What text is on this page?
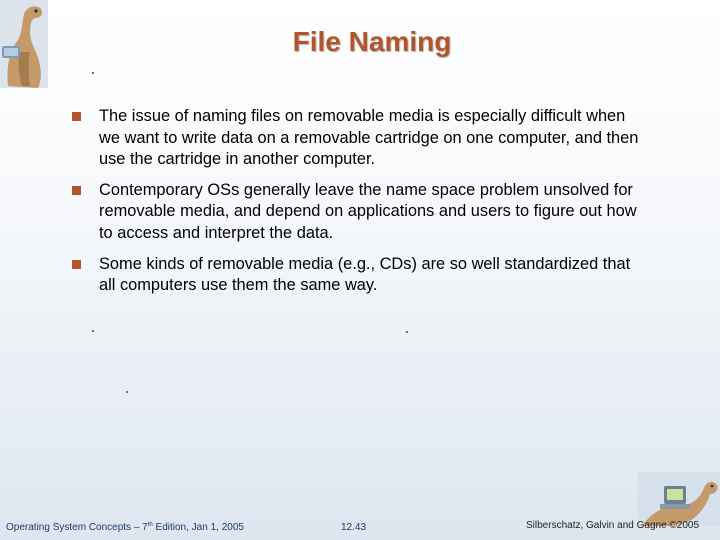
File Naming
The issue of naming files on removable media is especially difficult when we want to write data on a removable cartridge on one computer, and then use the cartridge in another computer.
Contemporary OSs generally leave the name space problem unsolved for removable media, and depend on applications and users to figure out how to access and interpret the data.
Some kinds of removable media (e.g., CDs) are so well standardized that all computers use them the same way.
Operating System Concepts – 7th Edition, Jan 1, 2005	12.43	Silberschatz, Galvin and Gagne ©2005
